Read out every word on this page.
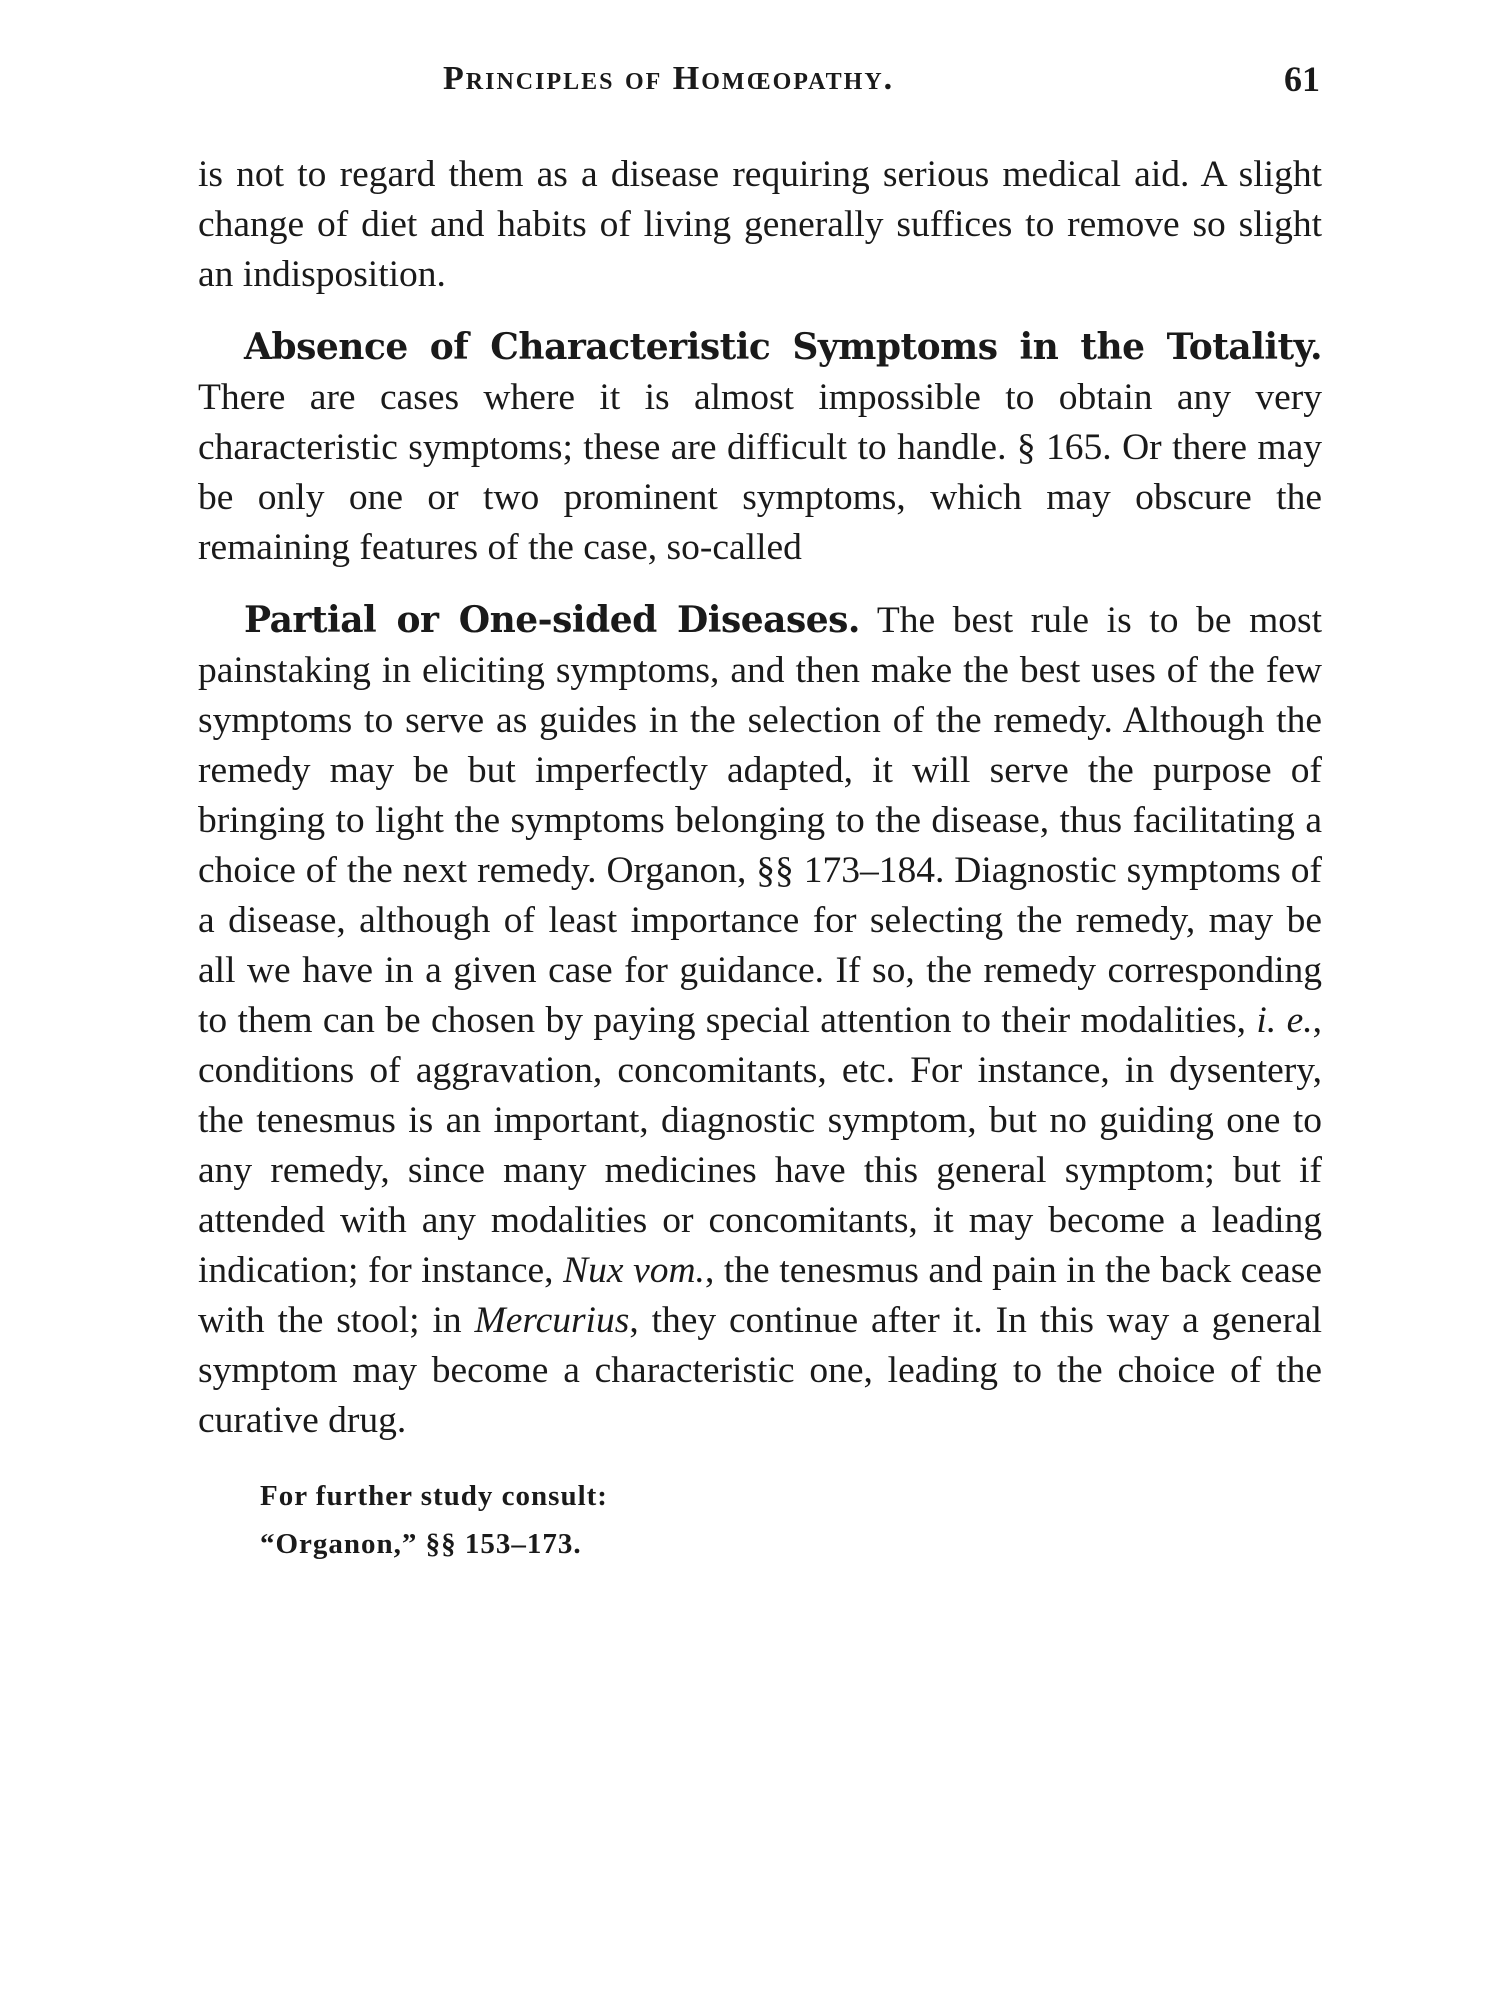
Principles of Homœopathy.	61

is not to regard them as a disease requiring serious medical aid. A slight change of diet and habits of living generally suffices to remove so slight an indisposition.

Absence of Characteristic Symptoms in the Totality. There are cases where it is almost impossible to obtain any very characteristic symptoms; these are difficult to handle. § 165. Or there may be only one or two prominent symptoms, which may obscure the remaining features of the case, so-called

Partial or One-sided Diseases. The best rule is to be most painstaking in eliciting symptoms, and then make the best uses of the few symptoms to serve as guides in the selection of the remedy. Although the remedy may be but imperfectly adapted, it will serve the purpose of bringing to light the symptoms belonging to the disease, thus facilitating a choice of the next remedy. Organon, §§ 173–184. Diagnostic symptoms of a disease, although of least importance for selecting the remedy, may be all we have in a given case for guidance. If so, the remedy corresponding to them can be chosen by paying special attention to their modalities, i. e., conditions of aggravation, concomitants, etc. For instance, in dysentery, the tenesmus is an important, diagnostic symptom, but no guiding one to any remedy, since many medicines have this general symptom; but if attended with any modalities or concomitants, it may become a leading indication; for instance, Nux vom., the tenesmus and pain in the back cease with the stool; in Mercurius, they continue after it. In this way a general symptom may become a characteristic one, leading to the choice of the curative drug.

For further study consult:
“Organon,” §§ 153–173.
